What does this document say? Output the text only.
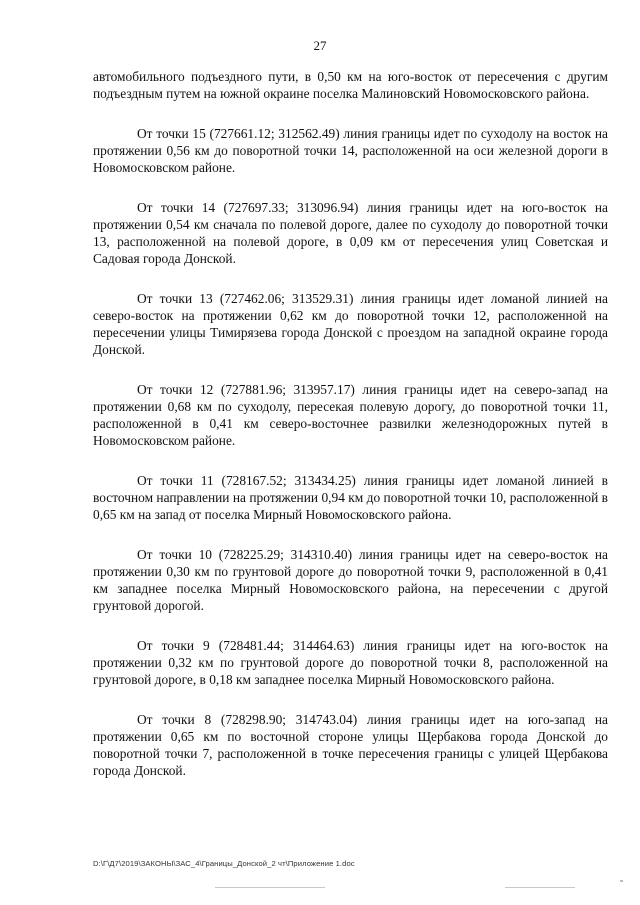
27

автомобильного подъездного пути, в 0,50 км на юго-восток от пересечения с другим подъездным путем на южной окраине поселка Малиновский Новомосковского района.

От точки 15 (727661.12; 312562.49) линия границы идет по суходолу на восток на протяжении 0,56 км до поворотной точки 14, расположенной на оси железной дороги в Новомосковском районе.

От точки 14 (727697.33; 313096.94) линия границы идет на юго-восток на протяжении 0,54 км сначала по полевой дороге, далее по суходолу до поворотной точки 13, расположенной на полевой дороге, в 0,09 км от пересечения улиц Советская и Садовая города Донской.

От точки 13 (727462.06; 313529.31) линия границы идет ломаной линией на северо-восток на протяжении 0,62 км до поворотной точки 12, расположенной на пересечении улицы Тимирязева города Донской с проездом на западной окраине города Донской.

От точки 12 (727881.96; 313957.17) линия границы идет на северо-запад на протяжении 0,68 км по суходолу, пересекая полевую дорогу, до поворотной точки 11, расположенной в 0,41 км северо-восточнее развилки железнодорожных путей в Новомосковском районе.

От точки 11 (728167.52; 313434.25) линия границы идет ломаной линией в восточном направлении на протяжении 0,94 км до поворотной точки 10, расположенной в 0,65 км на запад от поселка Мирный Новомосковского района.

От точки 10 (728225.29; 314310.40) линия границы идет на северо-восток на протяжении 0,30 км по грунтовой дороге до поворотной точки 9, расположенной в 0,41 км западнее поселка Мирный Новомосковского района, на пересечении с другой грунтовой дорогой.

От точки 9 (728481.44; 314464.63) линия границы идет на юго-восток на протяжении 0,32 км по грунтовой дороге до поворотной точки 8, расположенной на грунтовой дороге, в 0,18 км западнее поселка Мирный Новомосковского района.

От точки 8 (728298.90; 314743.04) линия границы идет на юго-запад на протяжении 0,65 км по восточной стороне улицы Щербакова города Донской до поворотной точки 7, расположенной в точке пересечения границы с улицей Щербакова города Донской.

D:\Г\Д7\2019\ЗАКОНЫ\ЗАС_4\Границы_Донской_2 чт\Приложение 1.doc
